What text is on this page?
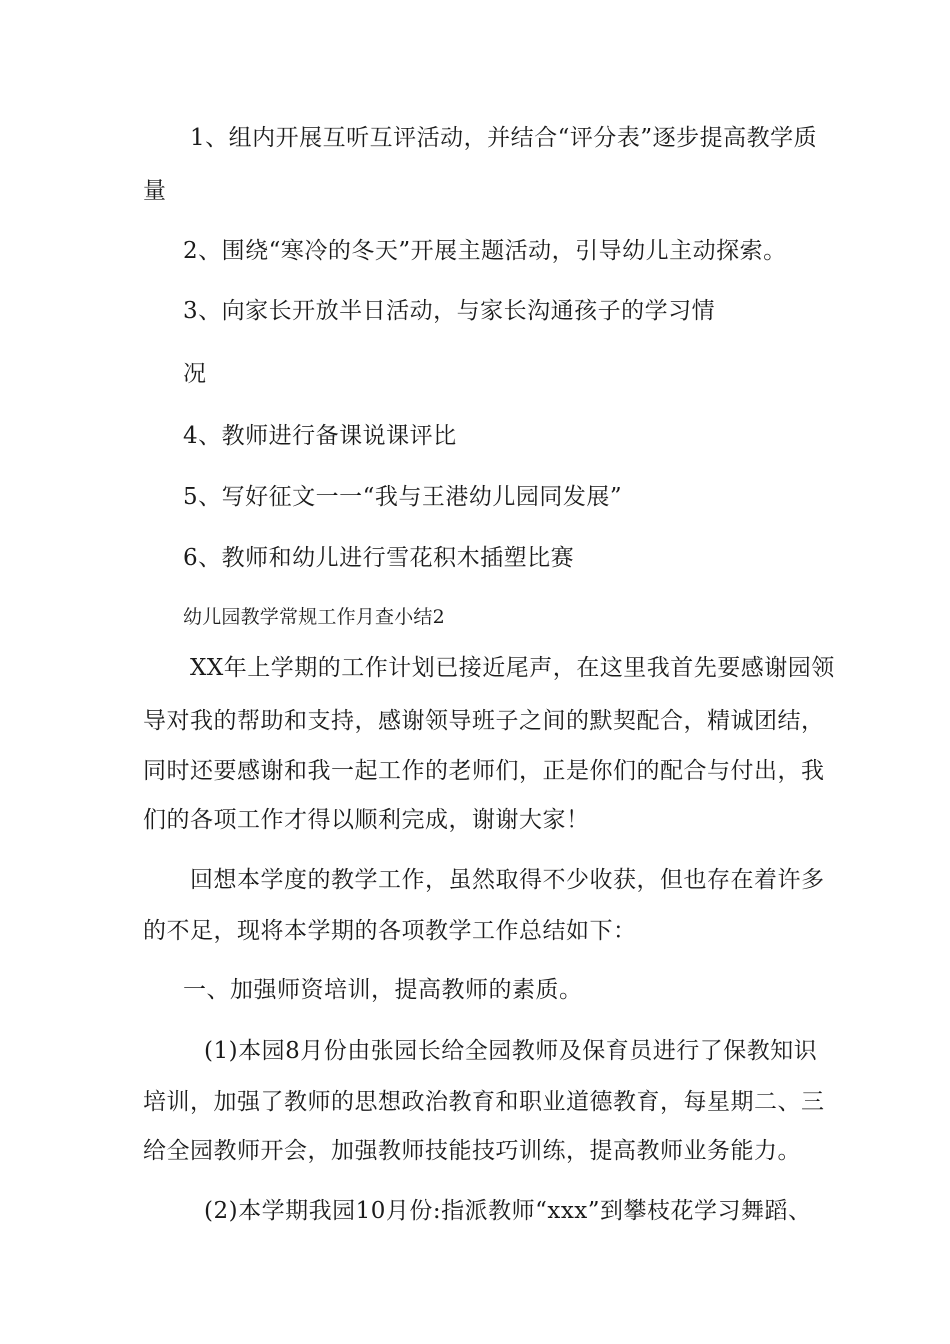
1、组内开展互听互评活动，并结合“评分表”逐步提高教学质
量
2、围绕“寒冷的冬天”开展主题活动，引导幼儿主动探索。
3、向家长开放半日活动，与家长沟通孩子的学习情
况
4、教师进行备课说课评比
5、写好征文一一“我与王港幼儿园同发展”
6、教师和幼儿进行雪花积木插塑比赛
幼儿园教学常规工作月查小结2
XX年上学期的工作计划已接近尾声，在这里我首先要感谢园领
导对我的帮助和支持，感谢领导班子之间的默契配合，精诚团结，
同时还要感谢和我一起工作的老师们，正是你们的配合与付出，我
们的各项工作才得以顺利完成，谢谢大家！
回想本学度的教学工作，虽然取得不少收获，但也存在着许多
的不足，现将本学期的各项教学工作总结如下：
一、加强师资培训，提高教师的素质。
(1)本园8月份由张园长给全园教师及保育员进行了保教知识
培训，加强了教师的思想政治教育和职业道德教育，每星期二、三
给全园教师开会，加强教师技能技巧训练，提高教师业务能力。
(2)本学期我园10月份:指派教师“xxx”到攀枝花学习舞蹈、
